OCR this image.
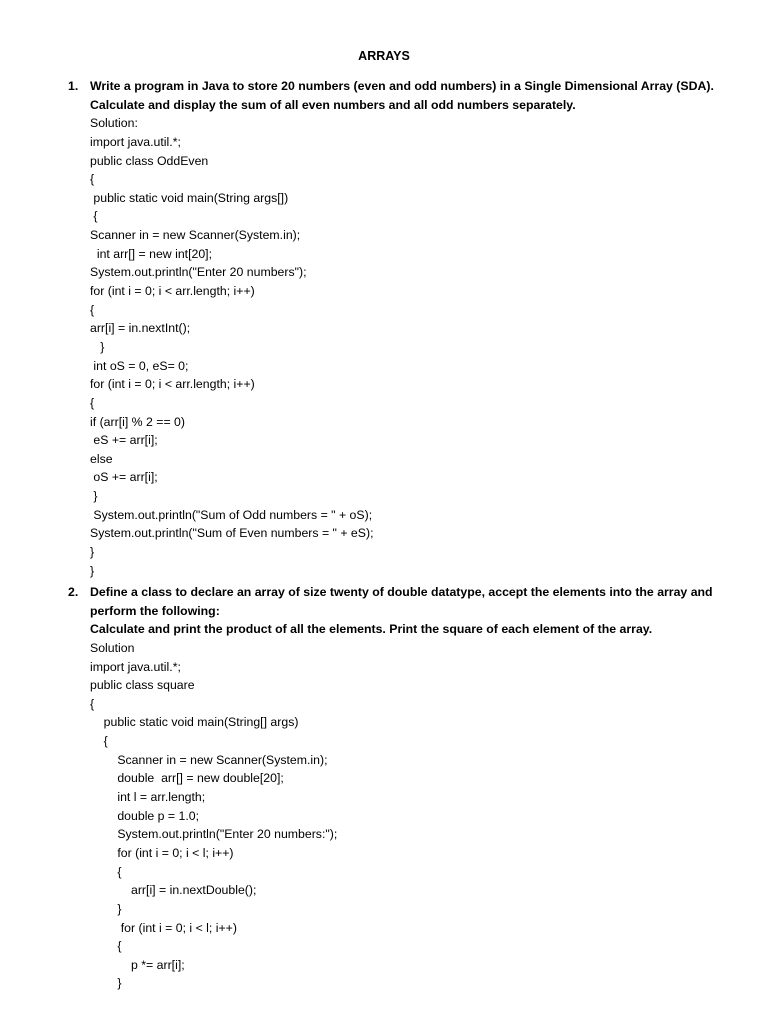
ARRAYS
1. Write a program in Java to store 20 numbers (even and odd numbers) in a Single Dimensional Array (SDA).
Calculate and display the sum of all even numbers and all odd numbers separately.
Solution:
import java.util.*;
public class OddEven
{
public static void main(String args[])
{
Scanner in = new Scanner(System.in);
int arr[] = new int[20];
System.out.println("Enter 20 numbers");
for (int i = 0; i < arr.length; i++)
{
arr[i] = in.nextInt();
}
int oS = 0, eS= 0;
for (int i = 0; i < arr.length; i++)
{
if (arr[i] % 2 == 0)
eS += arr[i];
else
oS += arr[i];
}
System.out.println("Sum of Odd numbers = " + oS);
System.out.println("Sum of Even numbers = " + eS);
}
}
2. Define a class to declare an array of size twenty of double datatype, accept the elements into the array and
perform the following:
Calculate and print the product of all the elements. Print the square of each element of the array.
Solution
import java.util.*;
public class square
{
public static void main(String[] args)
{
Scanner in = new Scanner(System.in);
double  arr[] = new double[20];
int l = arr.length;
double p = 1.0;
System.out.println("Enter 20 numbers:");
for (int i = 0; i < l; i++)
{
arr[i] = in.nextDouble();
}
for (int i = 0; i < l; i++)
{
p *= arr[i];
}
